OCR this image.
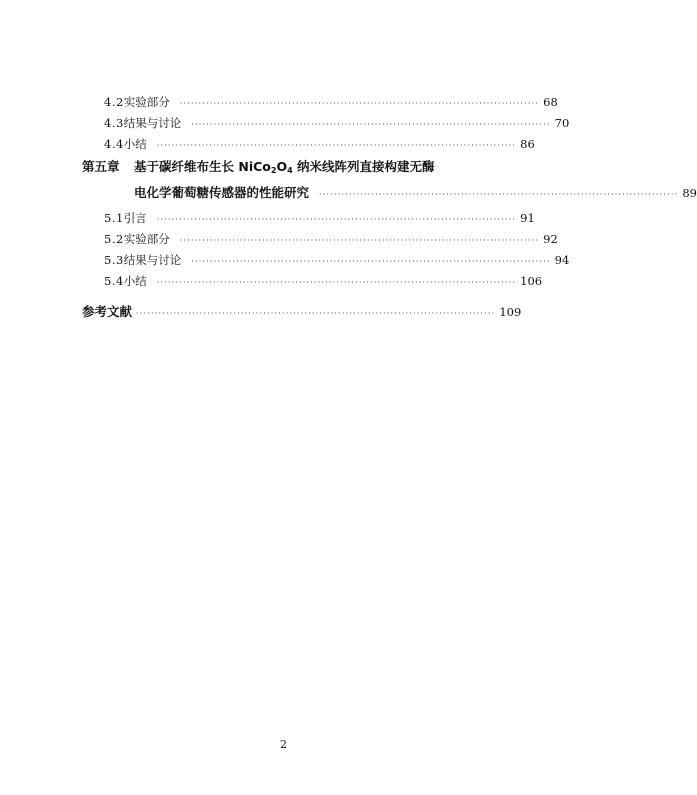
4.2 实验部分 ································································································ 68
4.3 结果与讨论 ································································································ 70
4.4 小结 ································································································ 86
第五章	基于碳纤维布生长 $NiCo_2O_4$ 纳米线阵列直接构建无酶
电化学葡萄糖传感器的性能研究 ································································································ 89
5.1 引言 ································································································ 91
5.2 实验部分 ································································································ 92
5.3 结果与讨论 ································································································ 94
5.4 小结 ································································································ 106
参考文献 ································································································ 109
2
